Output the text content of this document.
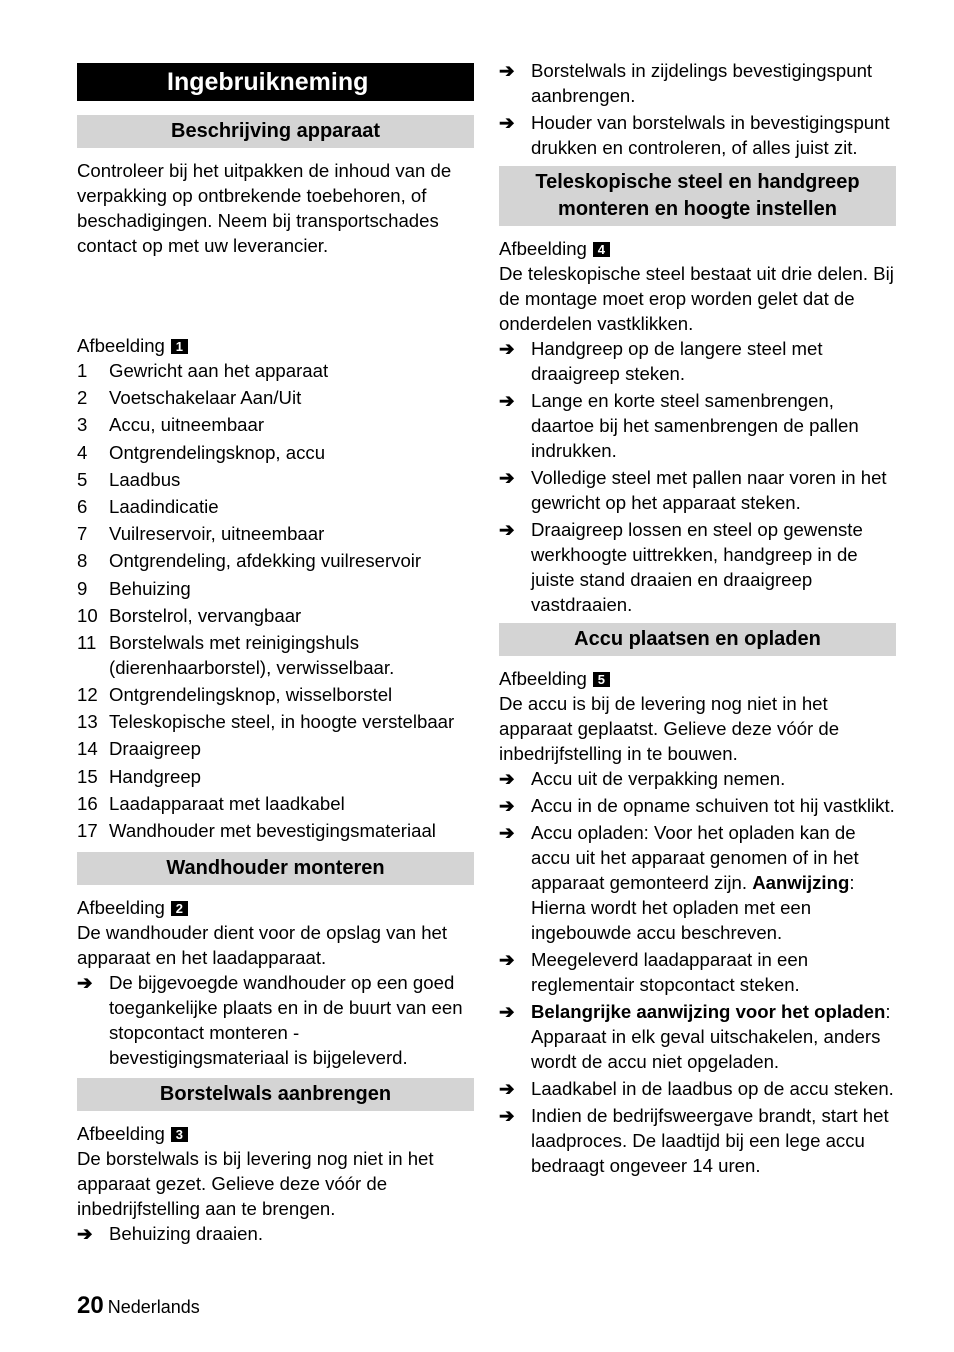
Ingebruikneming
Beschrijving apparaat

Controleer bij het uitpakken de inhoud van de verpakking op ontbrekende toebehoren, of beschadigingen. Neem bij transportschades contact op met uw leverancier.

Afbeelding 1
1 Gewricht aan het apparaat
2 Voetschakelaar Aan/Uit
3 Accu, uitneembaar
4 Ontgrendelingsknop, accu
5 Laadbus
6 Laadindicatie
7 Vuilreservoir, uitneembaar
8 Ontgrendeling, afdekking vuilreservoir
9 Behuizing
10 Borstelrol, vervangbaar
11 Borstelwals met reinigingshuls (dierenhaarborstel), verwisselbaar.
12 Ontgrendelingsknop, wisselborstel
13 Teleskopische steel, in hoogte verstelbaar
14 Draaigreep
15 Handgreep
16 Laadapparaat met laadkabel
17 Wandhouder met bevestigingsmateriaal
Wandhouder monteren
Afbeelding 2

De wandhouder dient voor de opslag van het apparaat en het laadapparaat.

➔ De bijgevoegde wandhouder op een goed toegankelijke plaats en in de buurt van een stopcontact monteren - bevestigingsmateriaal is bijgeleverd.
Borstelwals aanbrengen
Afbeelding 3

De borstelwals is bij levering nog niet in het apparaat gezet. Gelieve deze vóór de inbedrijfstelling aan te brengen.

➔ Behuizing draaien.
➔ Borstelwals in zijdelings bevestigingspunt aanbrengen.
➔ Houder van borstelwals in bevestigingspunt drukken en controleren, of alles juist zit.
Teleskopische steel en handgreep
monteren en hoogte instellen
Afbeelding 4

De teleskopische steel bestaat uit drie delen. Bij de montage moet erop worden gelet dat de onderdelen vastklikken.

➔ Handgreep op de langere steel met draaigreep steken.
➔ Lange en korte steel samenbrengen, daartoe bij het samenbrengen de pallen indrukken.
➔ Volledige steel met pallen naar voren in het gewricht op het apparaat steken.
➔ Draaigreep lossen en steel op gewenste werkhoogte uittrekken, handgreep in de juiste stand draaien en draaigreep vastdraaien.
Accu plaatsen en opladen
Afbeelding 5

De accu is bij de levering nog niet in het apparaat geplaatst. Gelieve deze vóór de inbedrijfstelling in te bouwen.

➔ Accu uit de verpakking nemen.
➔ Accu in de opname schuiven tot hij vastklikt.
➔ Accu opladen: Voor het opladen kan de accu uit het apparaat genomen of in het apparaat gemonteerd zijn. Aanwijzing: Hierna wordt het opladen met een ingebouwde accu beschreven.
➔ Meegeleverd laadapparaat in een reglementair stopcontact steken.
➔ Belangrijke aanwijzing voor het opladen: Apparaat in elk geval uitschakelen, anders wordt de accu niet opgeladen.
➔ Laadkabel in de laadbus op de accu steken.
➔ Indien de bedrijfsweergave brandt, start het laadproces. De laadtijd bij een lege accu bedraagt ongeveer 14 uren.
20 Nederlands
